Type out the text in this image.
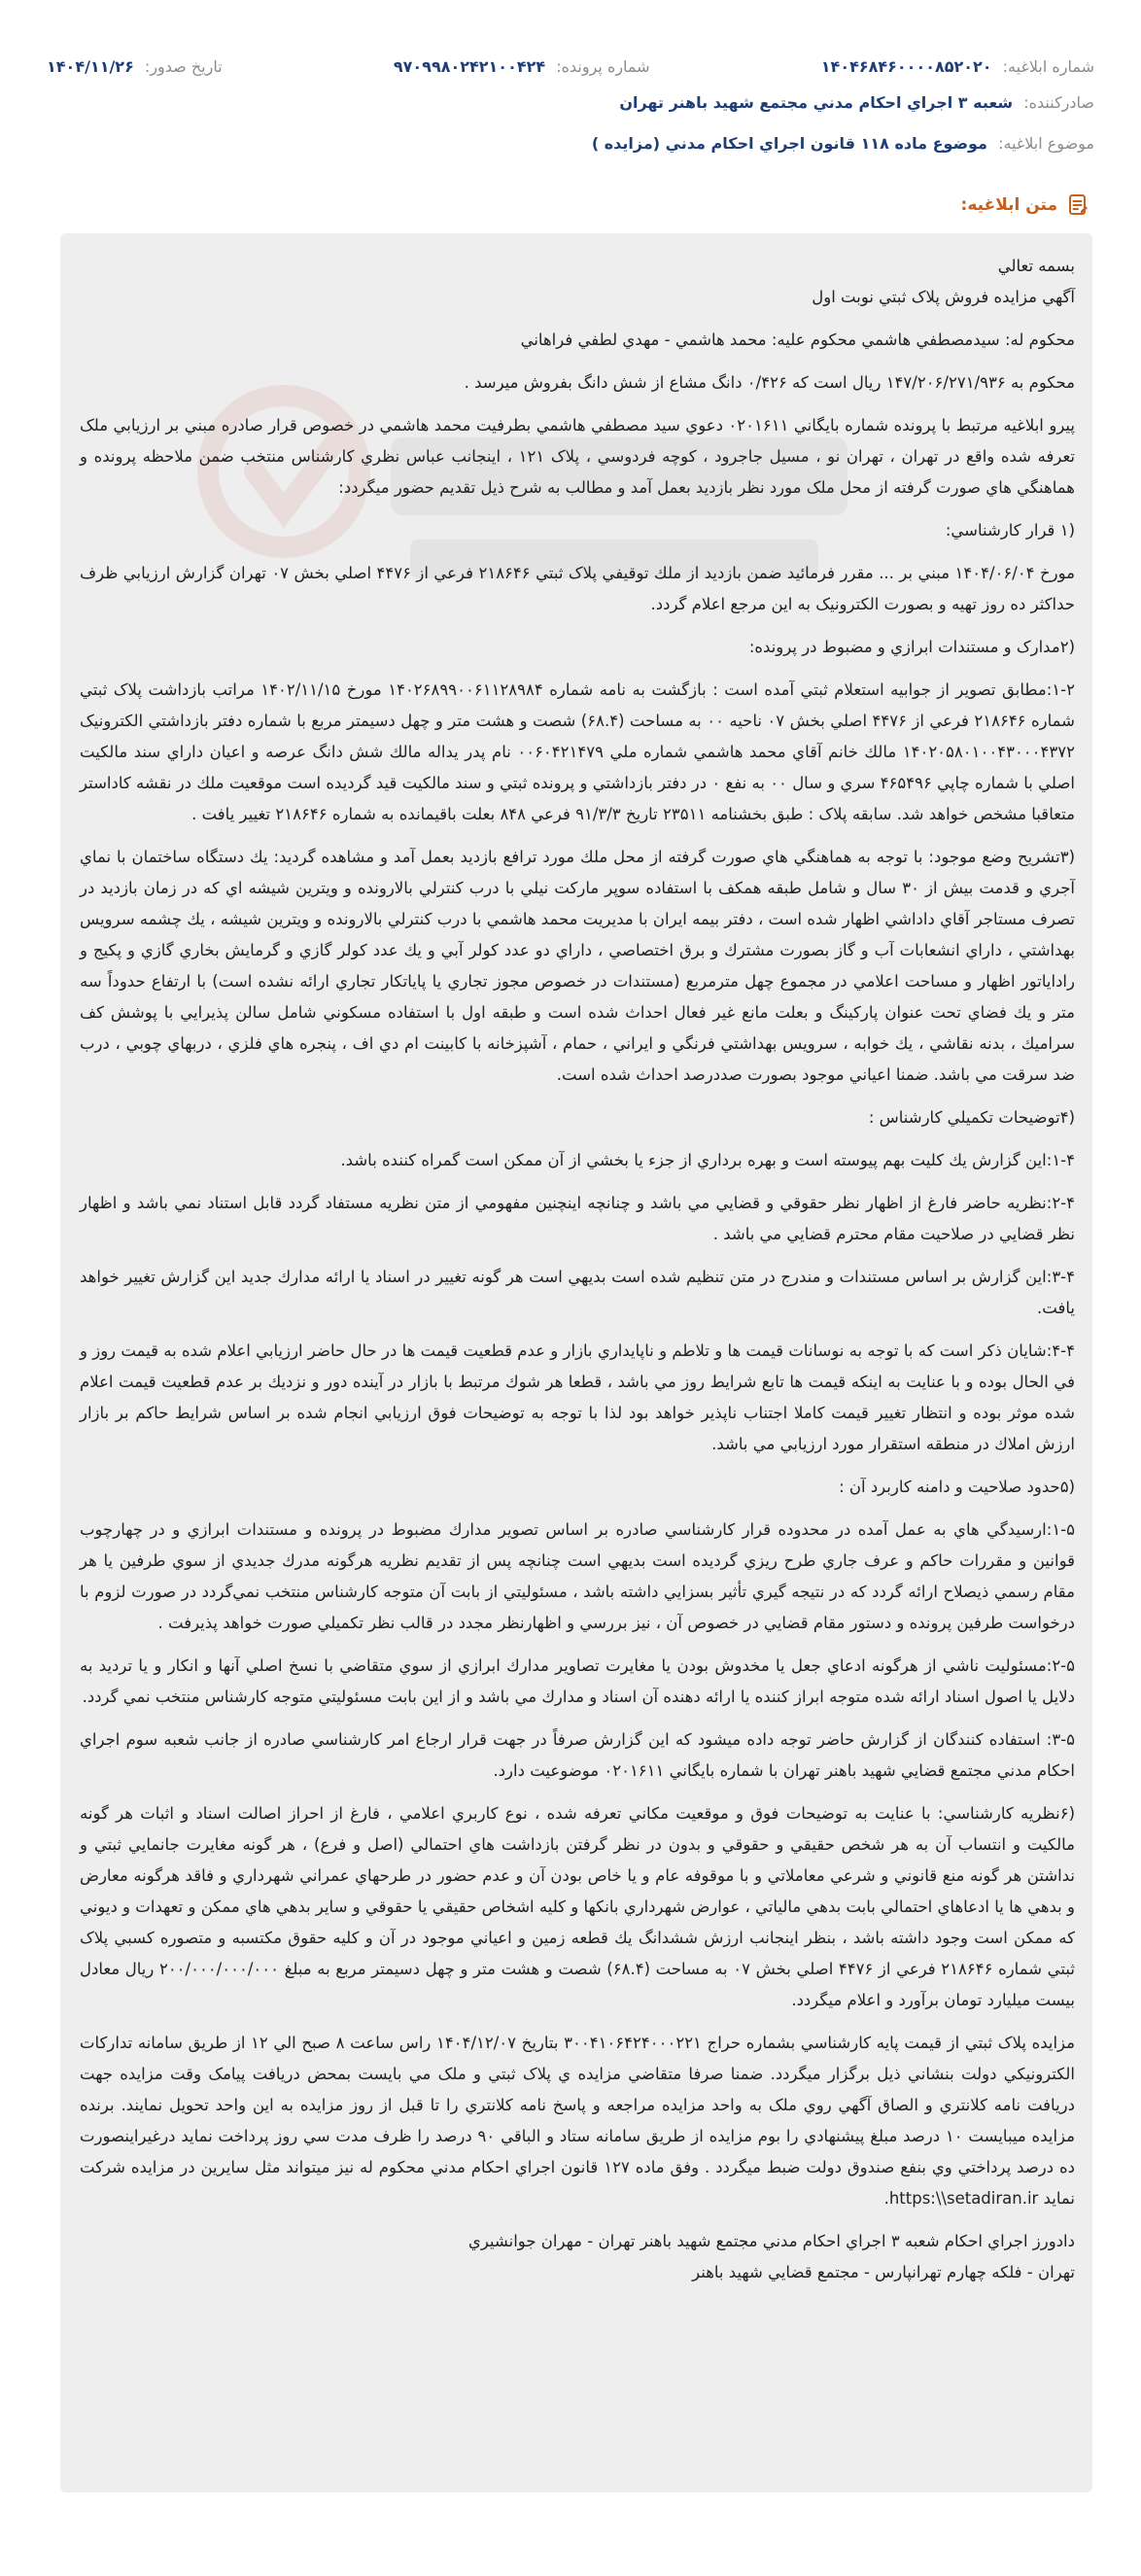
شماره ابلاغيه: ۱۴۰۴۶۸۴۶۰۰۰۰۸۵۲۰۲۰
شماره پرونده: ۹۷۰۹۹۸۰۲۴۲۱۰۰۴۲۴
تاريخ صدور: ۱۴۰۴/۱۱/۲۶
صادرکننده: شعبه ۳ اجراي احکام مدني مجتمع شهيد باهنر تهران
موضوع ابلاغيه: موضوع ماده ۱۱۸ قانون اجراي احکام مدني (مزايده )
متن ابلاغيه:

بسمه تعالي
آگهي مزايده فروش پلاک ثبتي نوبت اول

محکوم له: سيدمصطفي هاشمي محکوم عليه: محمد هاشمي - مهدي لطفي فراهاني

محکوم به ۱۴۷/۲۰۶/۲۷۱/۹۳۶ ريال است که ۰/۴۲۶ دانگ مشاع از شش دانگ بفروش ميرسد .

پيرو ابلاغيه مرتبط با پرونده شماره بايگاني ۰۲۰۱۶۱۱ دعوي سيد مصطفي هاشمي بطرفيت محمد هاشمي در خصوص قرار صادره مبني بر ارزيابي ملک تعرفه شده واقع در تهران ، تهران نو ، مسيل جاجرود ، کوچه فردوسي ، پلاک ۱۲۱ ، اينجانب عباس نظري کارشناس منتخب ضمن ملاحظه پرونده و هماهنگي هاي صورت گرفته از محل ملک مورد نظر بازديد بعمل آمد و مطالب به شرح ذيل تقديم حضور ميگردد:

(۱ قرار کارشناسي:

مورخ ۱۴۰۴/۰۶/۰۴ مبني بر ... مقرر فرمائيد ضمن بازديد از ملك توقيفي پلاک ثبتي ۲۱۸۶۴۶ فرعي از ۴۴۷۶ اصلي بخش ۰۷ تهران گزارش ارزيابي ظرف حداکثر ده روز تهيه و بصورت الکترونيک به اين مرجع اعلام گردد.

(۲مدارک و مستندات ابرازي و مضبوط در پرونده:

۱-۲:مطابق تصوير از جوابيه استعلام ثبتي آمده است : بازگشت به نامه شماره ۱۴۰۲۶۸۹۹۰۰۶۱۱۲۸۹۸۴ مورخ ۱۴۰۲/۱۱/۱۵ مراتب بازداشت پلاک ثبتي شماره ۲۱۸۶۴۶ فرعي از ۴۴۷۶ اصلي بخش ۰۷ ناحيه ۰۰ به مساحت (۶۸.۴) شصت و هشت متر و چهل دسيمتر مربع با شماره دفتر بازداشتي الکترونيک ۱۴۰۲۰۵۸۰۱۰۰۴۳۰۰۰۴۳۷۲ مالك خانم آقاي محمد هاشمي شماره ملي ۰۰۶۰۴۲۱۴۷۹ نام پدر يداله مالك شش دانگ عرصه و اعيان داراي سند مالکيت اصلي با شماره چاپي ۴۶۵۴۹۶ سري و سال ۰۰ به نفع ۰ در دفتر بازداشتي و پرونده ثبتي و سند مالکيت قيد گرديده است موقعيت ملك در نقشه کاداستر متعاقبا مشخص خواهد شد. سابقه پلاک : طبق بخشنامه ۲۳۵۱۱ تاريخ ۹۱/۳/۳ فرعي ۸۴۸ بعلت باقيمانده به شماره ۲۱۸۶۴۶ تغيير يافت .

(۳تشريح وضع موجود: با توجه به هماهنگي هاي صورت گرفته از محل ملك مورد ترافع بازديد بعمل آمد و مشاهده گرديد: يك دستگاه ساختمان با نماي آجري و قدمت بيش از ۳۰ سال و شامل طبقه همکف با استفاده سوپر مارکت نيلي با درب کنترلي بالارونده و ويترين شيشه اي که در زمان بازديد در تصرف مستاجر آقاي داداشي اظهار شده است ، دفتر بيمه ايران با مديريت محمد هاشمي با درب کنترلي بالارونده و ويترين شيشه ، يك چشمه سرويس بهداشتي ، داراي انشعابات آب و گاز بصورت مشترك و برق اختصاصي ، داراي دو عدد کولر آبي و يك عدد کولر گازي و گرمايش بخاري گازي و پکيج و راداياتور اظهار و مساحت اعلامي در مجموع چهل مترمربع (مستندات در خصوص مجوز تجاري يا پاياتکار تجاري ارائه نشده است) با ارتفاع حدوداً سه متر و يك فضاي تحت عنوان پارکينگ و بعلت مانع غير فعال احداث شده است و طبقه اول با استفاده مسکوني شامل سالن پذيرايي با پوشش کف سراميك ، بدنه نقاشي ، يك خوابه ، سرويس بهداشتي فرنگي و ايراني ، حمام ، آشپزخانه با کابينت ام دي اف ، پنجره هاي فلزي ، دربهاي چوبي ، درب ضد سرقت مي باشد. ضمنا اعياني موجود بصورت صددرصد احداث شده است.

(۴توضيحات تکميلي کارشناس :

۱-۴:اين گزارش يك كليت بهم پيوسته است و بهره برداري از جزء يا بخشي از آن ممکن است گمراه کننده باشد.

۲-۴:نظريه حاضر فارغ از اظهار نظر حقوقي و قضايي مي باشد و چنانچه اينچنين مفهومي از متن نظريه مستفاد گردد قابل استناد نمي باشد و اظهار نظر قضايي در صلاحيت مقام محترم قضايي مي باشد .

۳-۴:اين گزارش بر اساس مستندات و مندرج در متن تنظيم شده است بديهي است هر گونه تغيير در اسناد يا ارائه مدارك جديد اين گزارش تغيير خواهد يافت.

۴-۴:شايان ذکر است که با توجه به نوسانات قيمت ها و تلاطم و ناپايداري بازار و عدم قطعيت قيمت ها در حال حاضر ارزيابي اعلام شده به قيمت روز و في الحال بوده و با عنايت به اينکه قيمت ها تابع شرايط روز مي باشد ، قطعا هر شوك مرتبط با بازار در آينده دور و نزديك بر عدم قطعيت قيمت اعلام شده موثر بوده و انتظار تغيير قيمت كاملا اجتناب ناپذير خواهد بود لذا با توجه به توضيحات فوق ارزيابي انجام شده بر اساس شرايط حاکم بر بازار ارزش املاك در منطقه استقرار مورد ارزيابي مي باشد.

(۵حدود صلاحيت و دامنه کاربرد آن :

۱-۵:ارسيدگي هاي به عمل آمده در محدوده قرار کارشناسي صادره بر اساس تصوير مدارك مضبوط در پرونده و مستندات ابرازي و در چهارچوب قوانين و مقررات حاكم و عرف جاري طرح ريزي گرديده است بديهي است چنانچه پس از تقديم نظريه هرگونه مدرك جديدي از سوي طرفين يا هر مقام رسمي ذيصلاح ارائه گردد که در نتيجه گيري تأثير بسزايي داشته باشد ، مسئوليتي از بابت آن متوجه کارشناس منتخب نمي‌گردد در صورت لزوم با درخواست طرفين پرونده و دستور مقام قضايي در خصوص آن ، نيز بررسي و اظهارنظر مجدد در قالب نظر تکميلي صورت خواهد پذيرفت .

۲-۵:مسئوليت ناشي از هرگونه ادعاي جعل يا مخدوش بودن يا مغايرت تصاوير مدارك ابرازي از سوي متقاضي با نسخ اصلي آنها و انكار و يا ترديد به دلايل يا اصول اسناد ارائه شده متوجه ابراز كننده يا ارائه دهنده آن اسناد و مدارك مي باشد و از اين بابت مسئوليتي متوجه کارشناس منتخب نمي گردد.

۳-۵: استفاده کنندگان از گزارش حاضر توجه داده ميشود كه اين گزارش صرفاً در جهت قرار ارجاع امر کارشناسي صادره از جانب شعبه سوم اجراي احکام مدني مجتمع قضايي شهيد باهنر تهران با شماره بايگاني ۰۲۰۱۶۱۱ موضوعيت دارد.

(۶نظريه کارشناسي: با عنايت به توضيحات فوق و موقعيت مکاني تعرفه شده ، نوع كاربري اعلامي ، فارغ از احراز اصالت اسناد و اثبات هر گونه مالکيت و انتساب آن به هر شخص حقيقي و حقوقي و بدون در نظر گرفتن بازداشت هاي احتمالي (اصل و فرع) ، هر گونه مغايرت جانمايي ثبتي و نداشتن هر گونه منع قانوني و شرعي معاملاتي و با موقوفه عام و يا خاص بودن آن و عدم حضور در طرحهاي عمراني شهرداري و فاقد هرگونه معارض و بدهي ها يا ادعاهاي احتمالي بابت بدهي مالياتي ، عوارض شهرداري بانکها و کليه اشخاص حقيقي يا حقوقي و ساير بدهي هاي ممکن و تعهدات و ديوني که ممکن است وجود داشته باشد ، بنظر اينجانب ارزش ششدانگ يك قطعه زمين و اعياني موجود در آن و کليه حقوق مكتسبه و متصوره كسبي پلاک ثبتي شماره ۲۱۸۶۴۶ فرعي از ۴۴۷۶ اصلي بخش ۰۷ به مساحت (۶۸.۴) شصت و هشت متر و چهل دسيمتر مربع به مبلغ ۲۰۰/۰۰۰/۰۰۰/۰۰۰ ريال معادل بيست ميليارد تومان برآورد و اعلام ميگردد.

مزايده پلاک ثبتي از قيمت پايه کارشناسي بشماره حراج ۳۰۰۴۱۰۶۴۲۴۰۰۰۲۲۱ بتاريخ ۱۴۰۴/۱۲/۰۷ راس ساعت ۸ صبح الي ۱۲ از طريق سامانه تدارکات الکترونيکي دولت بنشاني ذيل برگزار ميگردد. ضمنا صرفا متقاضي مزايده ي پلاک ثبتي و ملک مي بايست بمحض دريافت پيامک وقت مزايده جهت دريافت نامه کلانتري و الصاق آگهي روي ملک به واحد مزايده مراجعه و پاسخ نامه کلانتري را تا قبل از روز مزايده به اين واحد تحويل نمايند. برنده مزايده ميبايست ۱۰ درصد مبلغ پيشنهادي را بوم مزايده از طريق سامانه ستاد و الباقي ۹۰ درصد را ظرف مدت سي روز پرداخت نمايد درغيراينصورت ده درصد پرداختي وي بنفع صندوق دولت ضبط ميگردد . وفق ماده ۱۲۷ قانون اجراي احکام مدني محکوم له نيز ميتواند مثل ساير‌ين در مزايده شرکت نمايد https:\\setadiran.ir.

دادورز اجراي احکام شعبه ۳ اجراي احکام مدني مجتمع شهيد باهنر تهران - مهران جوانشيري
تهران - فلکه چهارم تهرانپارس - مجتمع قضايي شهيد باهنر
